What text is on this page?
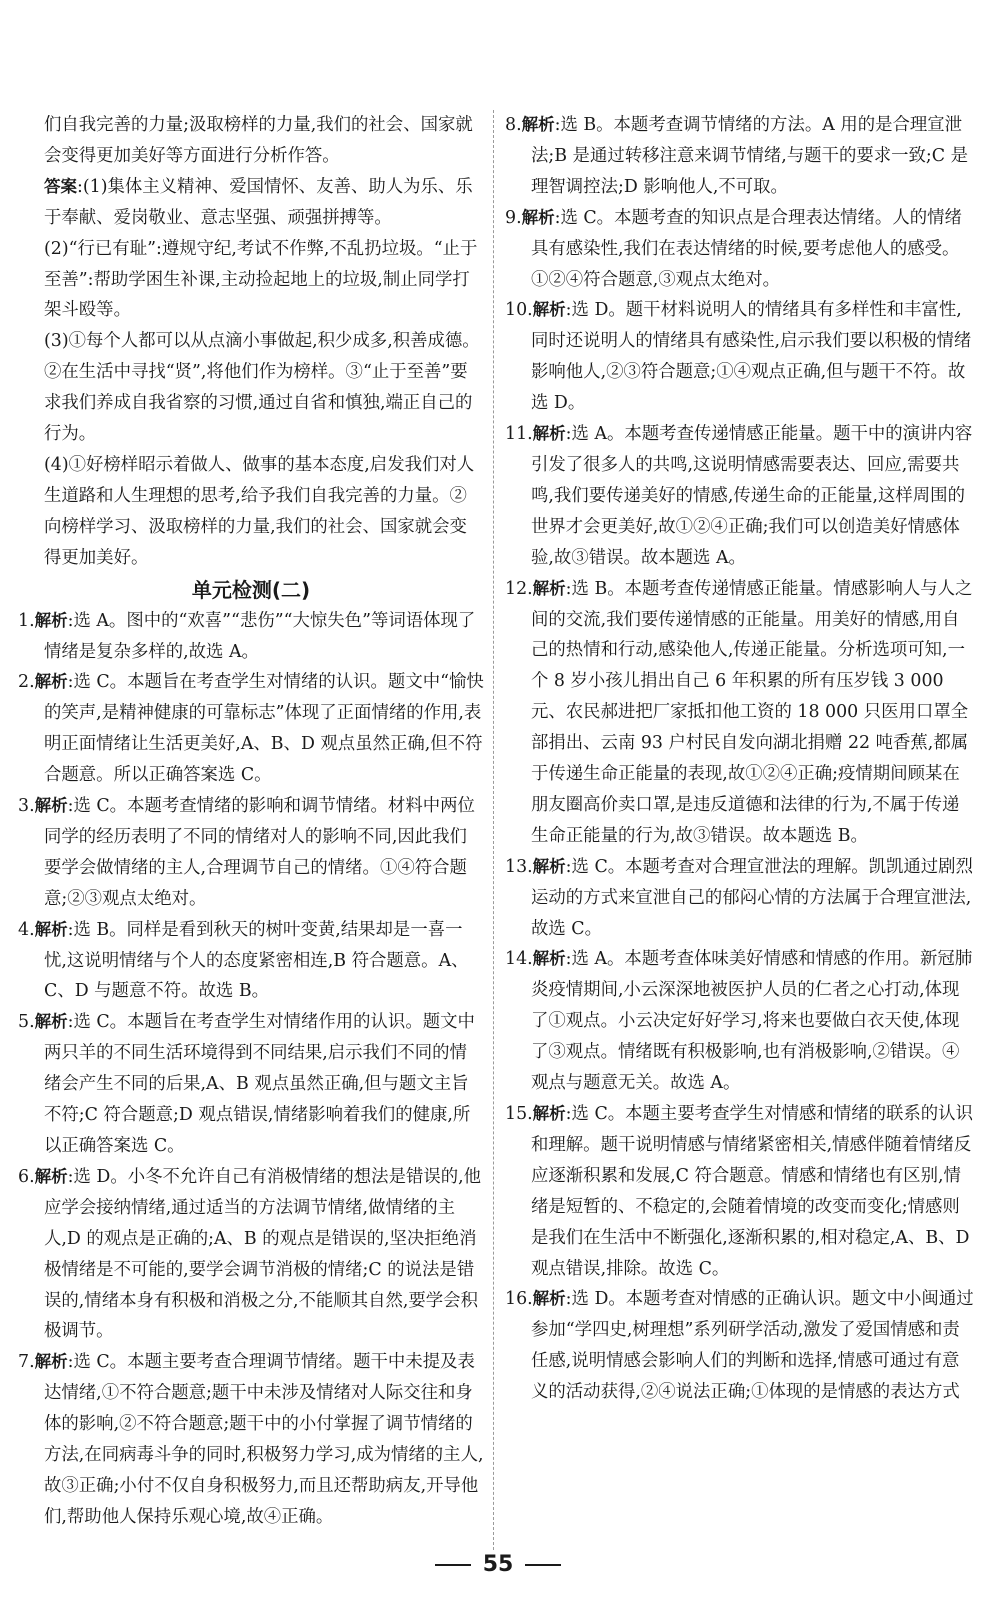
们自我完善的力量;汲取榜样的力量,我们的社会、国家就会变得更加美好等方面进行分析作答。

答案:(1)集体主义精神、爱国情怀、友善、助人为乐、乐于奉献、爱岗敬业、意志坚强、顽强拼搏等。

(2)“行已有耻”:遵规守纪,考试不作弊,不乱扔垃圾。“止于至善”:帮助学困生补课,主动捡起地上的垃圾,制止同学打架斗殴等。

(3)①每个人都可以从点滴小事做起,积少成多,积善成德。②在生活中寻找“贤”,将他们作为榜样。③“止于至善”要求我们养成自我省察的习惯,通过自省和慎独,端正自己的行为。

(4)①好榜样昭示着做人、做事的基本态度,启发我们对人生道路和人生理想的思考,给予我们自我完善的力量。②向榜样学习、汲取榜样的力量,我们的社会、国家就会变得更加美好。

单元检测(二)

1.解析:选 A。图中的“欢喜”“悲伤”“大惊失色”等词语体现了情绪是复杂多样的,故选 A。

2.解析:选 C。本题旨在考查学生对情绪的认识。题文中“愉快的笑声,是精神健康的可靠标志”体现了正面情绪的作用,表明正面情绪让生活更美好,A、B、D 观点虽然正确,但不符合题意。所以正确答案选 C。

3.解析:选 C。本题考查情绪的影响和调节情绪。材料中两位同学的经历表明了不同的情绪对人的影响不同,因此我们要学会做情绪的主人,合理调节自己的情绪。①④符合题意;②③观点太绝对。

4.解析:选 B。同样是看到秋天的树叶变黄,结果却是一喜一忧,这说明情绪与个人的态度紧密相连,B 符合题意。A、C、D 与题意不符。故选 B。

5.解析:选 C。本题旨在考查学生对情绪作用的认识。题文中两只羊的不同生活环境得到不同结果,启示我们不同的情绪会产生不同的后果,A、B 观点虽然正确,但与题文主旨不符;C 符合题意;D 观点错误,情绪影响着我们的健康,所以正确答案选 C。

6.解析:选 D。小冬不允许自己有消极情绪的想法是错误的,他应学会接纳情绪,通过适当的方法调节情绪,做情绪的主人,D 的观点是正确的;A、B 的观点是错误的,坚决拒绝消极情绪是不可能的,要学会调节消极的情绪;C 的说法是错误的,情绪本身有积极和消极之分,不能顺其自然,要学会积极调节。

7.解析:选 C。本题主要考查合理调节情绪。题干中未提及表达情绪,①不符合题意;题干中未涉及情绪对人际交往和身体的影响,②不符合题意;题干中的小付掌握了调节情绪的方法,在同病毒斗争的同时,积极努力学习,成为情绪的主人,故③正确;小付不仅自身积极努力,而且还帮助病友,开导他们,帮助他人保持乐观心境,故④正确。

8.解析:选 B。本题考查调节情绪的方法。A 用的是合理宣泄法;B 是通过转移注意来调节情绪,与题干的要求一致;C 是理智调控法;D 影响他人,不可取。

9.解析:选 C。本题考查的知识点是合理表达情绪。人的情绪具有感染性,我们在表达情绪的时候,要考虑他人的感受。①②④符合题意,③观点太绝对。

10.解析:选 D。题干材料说明人的情绪具有多样性和丰富性,同时还说明人的情绪具有感染性,启示我们要以积极的情绪影响他人,②③符合题意;①④观点正确,但与题干不符。故选 D。

11.解析:选 A。本题考查传递情感正能量。题干中的演讲内容引发了很多人的共鸣,这说明情感需要表达、回应,需要共鸣,我们要传递美好的情感,传递生命的正能量,这样周围的世界才会更美好,故①②④正确;我们可以创造美好情感体验,故③错误。故本题选 A。

12.解析:选 B。本题考查传递情感正能量。情感影响人与人之间的交流,我们要传递情感的正能量。用美好的情感,用自己的热情和行动,感染他人,传递正能量。分析选项可知,一个 8 岁小孩儿捐出自己 6 年积累的所有压岁钱 3 000 元、农民郝进把厂家抵扣他工资的 18 000 只医用口罩全部捐出、云南 93 户村民自发向湖北捐赠 22 吨香蕉,都属于传递生命正能量的表现,故①②④正确;疫情期间顾某在朋友圈高价卖口罩,是违反道德和法律的行为,不属于传递生命正能量的行为,故③错误。故本题选 B。

13.解析:选 C。本题考查对合理宣泄法的理解。凯凯通过剧烈运动的方式来宣泄自己的郁闷心情的方法属于合理宣泄法,故选 C。

14.解析:选 A。本题考查体味美好情感和情感的作用。新冠肺炎疫情期间,小云深深地被医护人员的仁者之心打动,体现了①观点。小云决定好好学习,将来也要做白衣天使,体现了③观点。情绪既有积极影响,也有消极影响,②错误。④观点与题意无关。故选 A。

15.解析:选 C。本题主要考查学生对情感和情绪的联系的认识和理解。题干说明情感与情绪紧密相关,情感伴随着情绪反应逐渐积累和发展,C 符合题意。情感和情绪也有区别,情绪是短暂的、不稳定的,会随着情境的改变而变化;情感则是我们在生活中不断强化,逐渐积累的,相对稳定,A、B、D 观点错误,排除。故选 C。

16.解析:选 D。本题考查对情感的正确认识。题文中小闽通过参加“学四史,树理想”系列研学活动,激发了爱国情感和责任感,说明情感会影响人们的判断和选择,情感可通过有意义的活动获得,②④说法正确;①体现的是情感的表达方式

55
